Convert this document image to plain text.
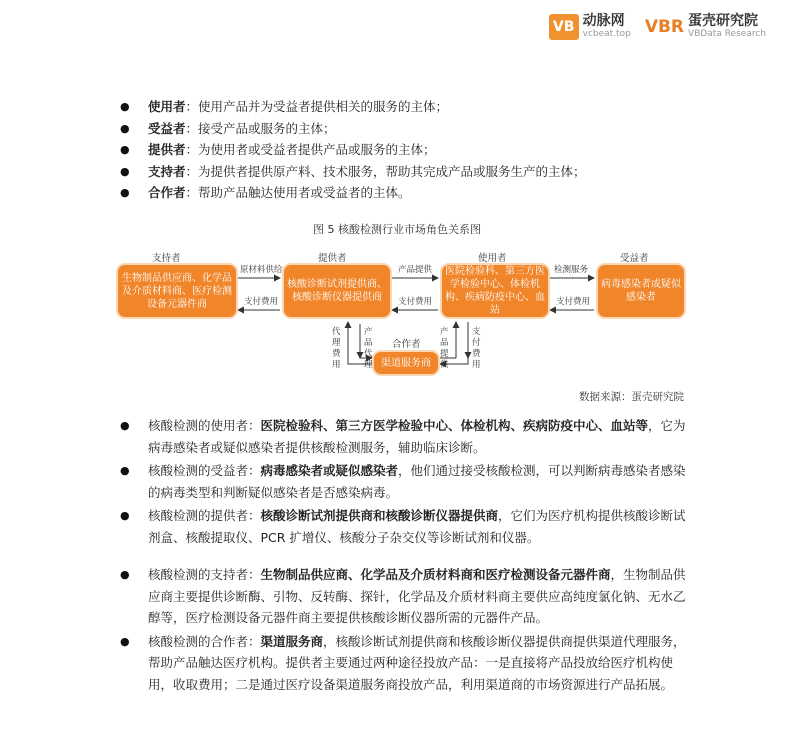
VB 动脉网
vcbeat.top VBR 蛋壳研究院
VBData Research
● 使用者：使用产品并为受益者提供相关的服务的主体；
● 受益者：接受产品或服务的主体；
● 提供者：为使用者或受益者提供产品或服务的主体；
● 支持者：为提供者提供原产料、技术服务，帮助其完成产品或服务生产的主体；
● 合作者：帮助产品触达使用者或受益者的主体。
图 5 核酸检测行业市场角色关系图
支持者	提供者	使用者	受益者
合作者
生物制品供应商、化学品及介质材料商、医疗检测设备元器件商
核酸诊断试剂提供商、核酸诊断仪器提供商
医院检验科、第三方医学检验中心、体检机构、疾病防疫中心、血站
病毒感染者或疑似感染者
渠道服务商
原材料供给
支付费用
产品提供
支付费用
检测服务
支付费用
代理费用
产品代理
产品提供
支付费用
数据来源：蛋壳研究院
● 核酸检测的使用者：医院检验科、第三方医学检验中心、体检机构、疾病防疫中心、血站等，它为病毒感染者或疑似感染者提供核酸检测服务，辅助临床诊断。
● 核酸检测的受益者：病毒感染者或疑似感染者，他们通过接受核酸检测，可以判断病毒感染者感染的病毒类型和判断疑似感染者是否感染病毒。
● 核酸检测的提供者：核酸诊断试剂提供商和核酸诊断仪器提供商，它们为医疗机构提供核酸诊断试剂盒、核酸提取仪、PCR 扩增仪、核酸分子杂交仪等诊断试剂和仪器。
● 核酸检测的支持者：生物制品供应商、化学品及介质材料商和医疗检测设备元器件商，生物制品供应商主要提供诊断酶、引物、反转酶、探针，化学品及介质材料商主要供应高纯度氯化钠、无水乙醇等，医疗检测设备元器件商主要提供核酸诊断仪器所需的元器件产品。
● 核酸检测的合作者：渠道服务商，核酸诊断试剂提供商和核酸诊断仪器提供商提供渠道代理服务，帮助产品触达医疗机构。提供者主要通过两种途径投放产品：一是直接将产品投放给医疗机构使用，收取费用；二是通过医疗设备渠道服务商投放产品，利用渠道商的市场资源进行产品拓展。
